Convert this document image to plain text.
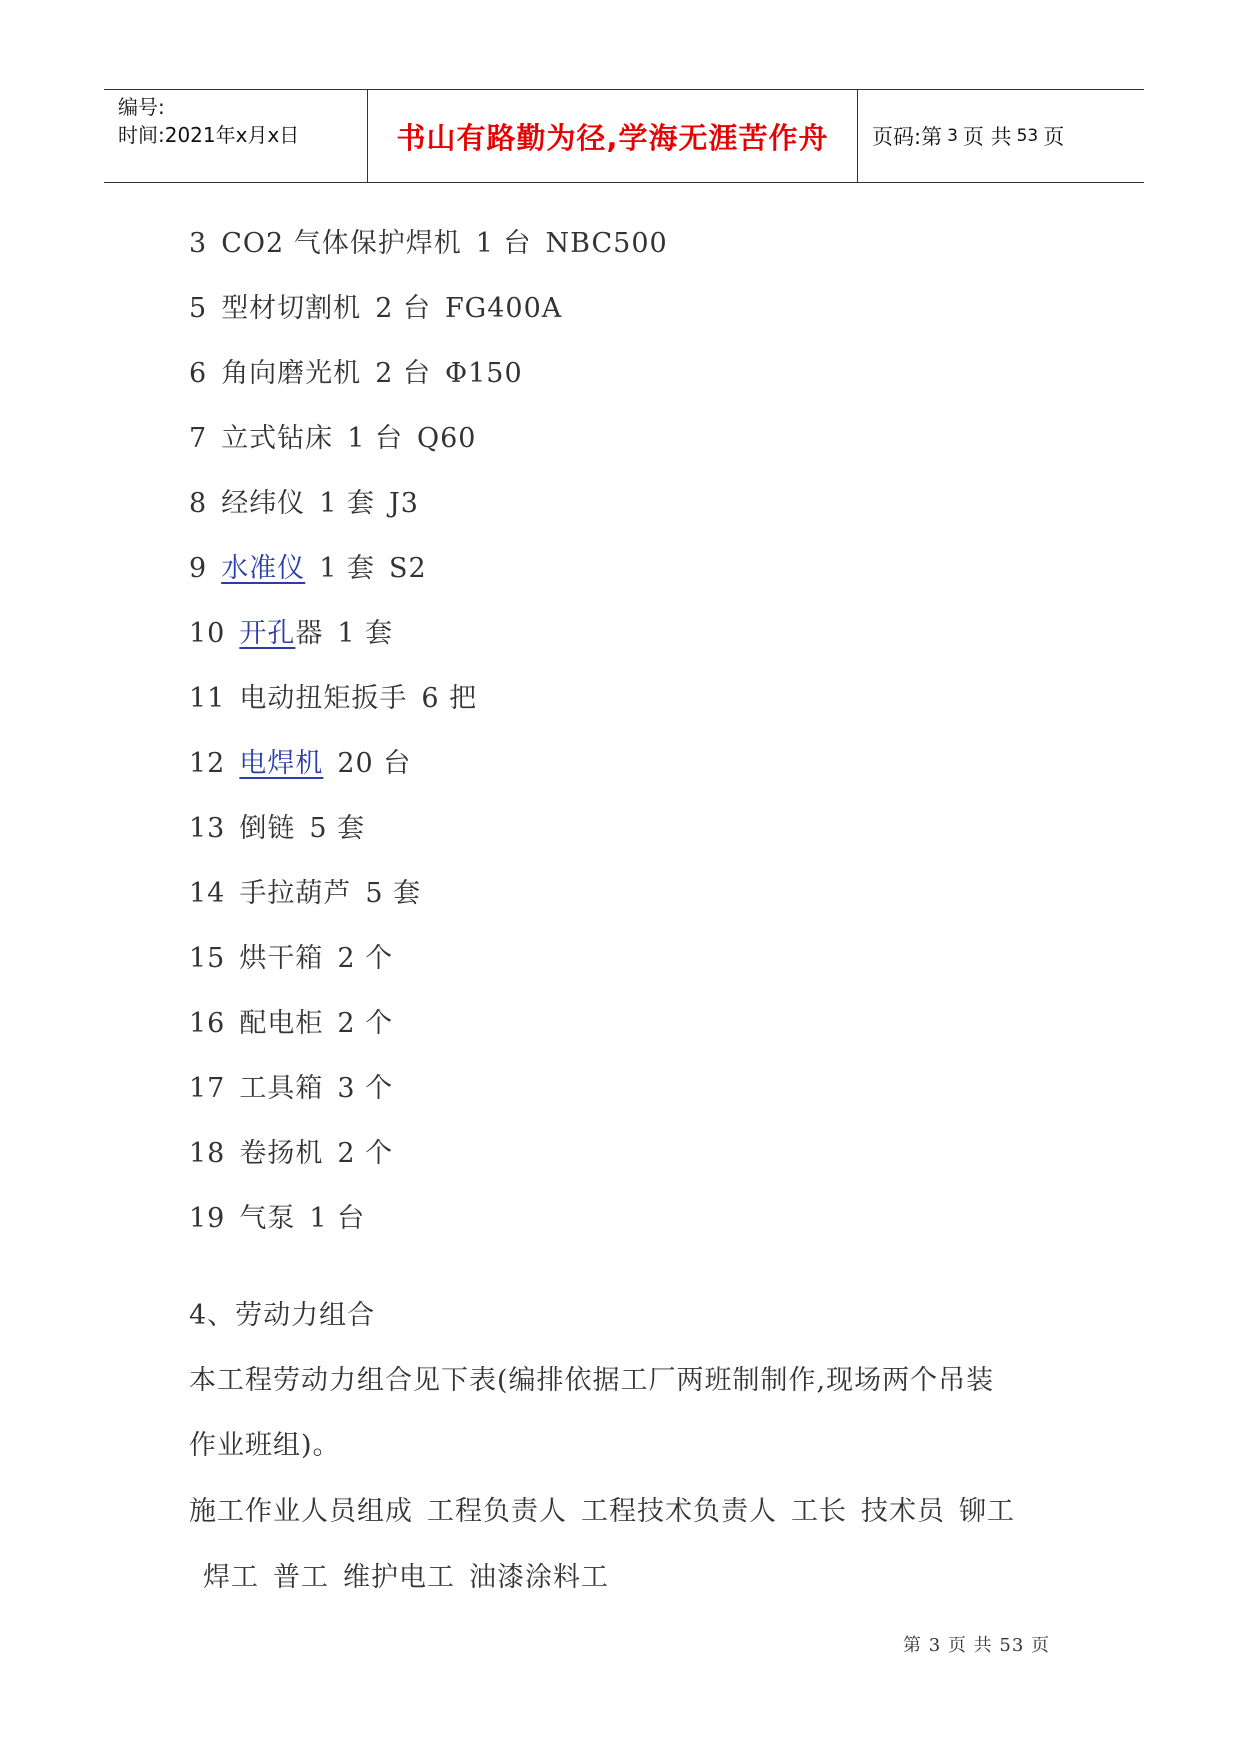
编号:
时间:2021年x月x日	书山有路勤为径,学海无涯苦作舟	页码:第 3 页 共 53 页
3 CO2 气体保护焊机 1 台 NBC500
5 型材切割机 2 台 FG400A
6 角向磨光机 2 台 Φ150
7 立式钻床 1 台 Q60
8 经纬仪 1 套 J3
9 水准仪 1 套 S2
10 开孔器 1 套
11 电动扭矩扳手 6 把
12 电焊机 20 台
13 倒链 5 套
14 手拉葫芦 5 套
15 烘干箱 2 个
16 配电柜 2 个
17 工具箱 3 个
18 卷扬机 2 个
19 气泵 1 台
4、劳动力组合
本工程劳动力组合见下表(编排依据工厂两班制制作,现场两个吊装
作业班组)。
施工作业人员组成 工程负责人 工程技术负责人 工长 技术员 铆工
焊工 普工 维护电工 油漆涂料工
第 3 页 共 53 页
